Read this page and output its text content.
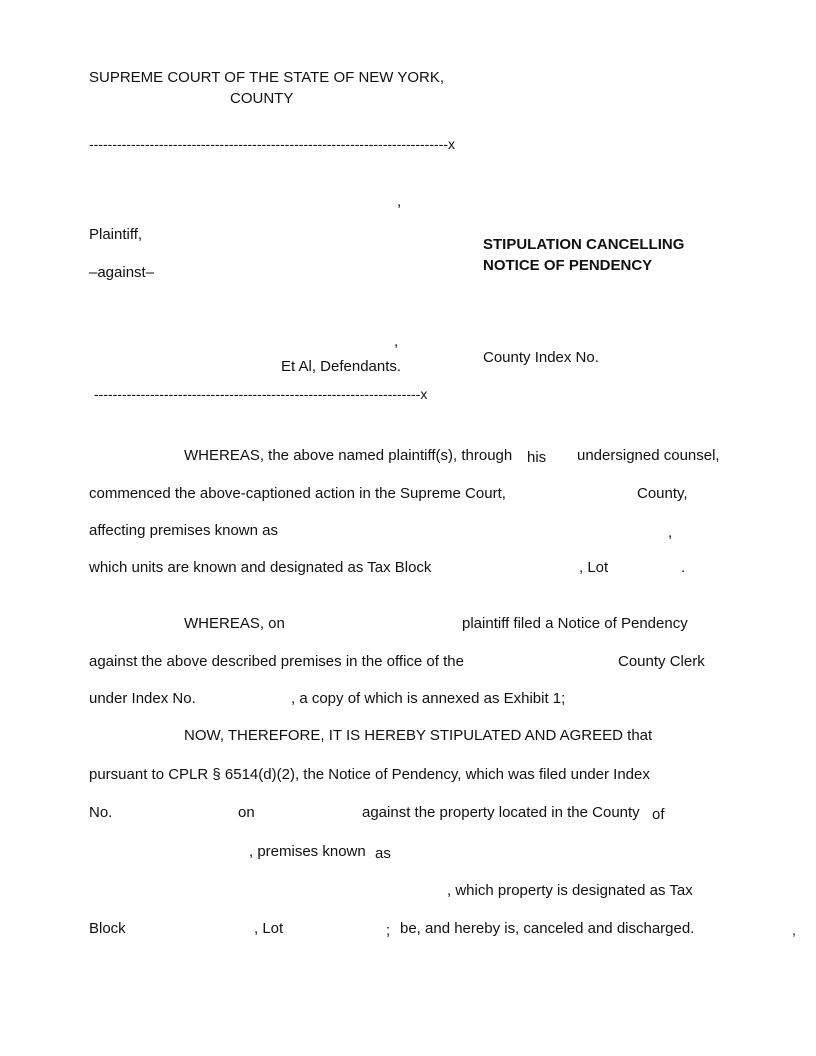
SUPREME COURT OF THE STATE OF NEW YORK,
COUNTY
-----------------------------------------------------------------------------x
,
Plaintiff,
–against–
,
Et Al, Defendants.
----------------------------------------------------------------------x
STIPULATION CANCELLING
NOTICE OF PENDENCY
County Index No.
WHEREAS, the above named plaintiff(s), through his undersigned counsel,
commenced the above-captioned action in the Supreme Court,	County,
affecting premises known as	,
which units are known and designated as Tax Block	, Lot	.
WHEREAS, on	plaintiff filed a Notice of Pendency
against the above described premises in the office of the	County Clerk
under Index No.	, a copy of which is annexed as Exhibit 1;
NOW, THEREFORE, IT IS HEREBY STIPULATED AND AGREED that
pursuant to CPLR § 6514(d)(2), the Notice of Pendency, which was filed under Index
No.	on	against the property located in the County of
, premises known as
, which property is designated as Tax
Block	, Lot	; be, and hereby is, canceled and discharged.	,
